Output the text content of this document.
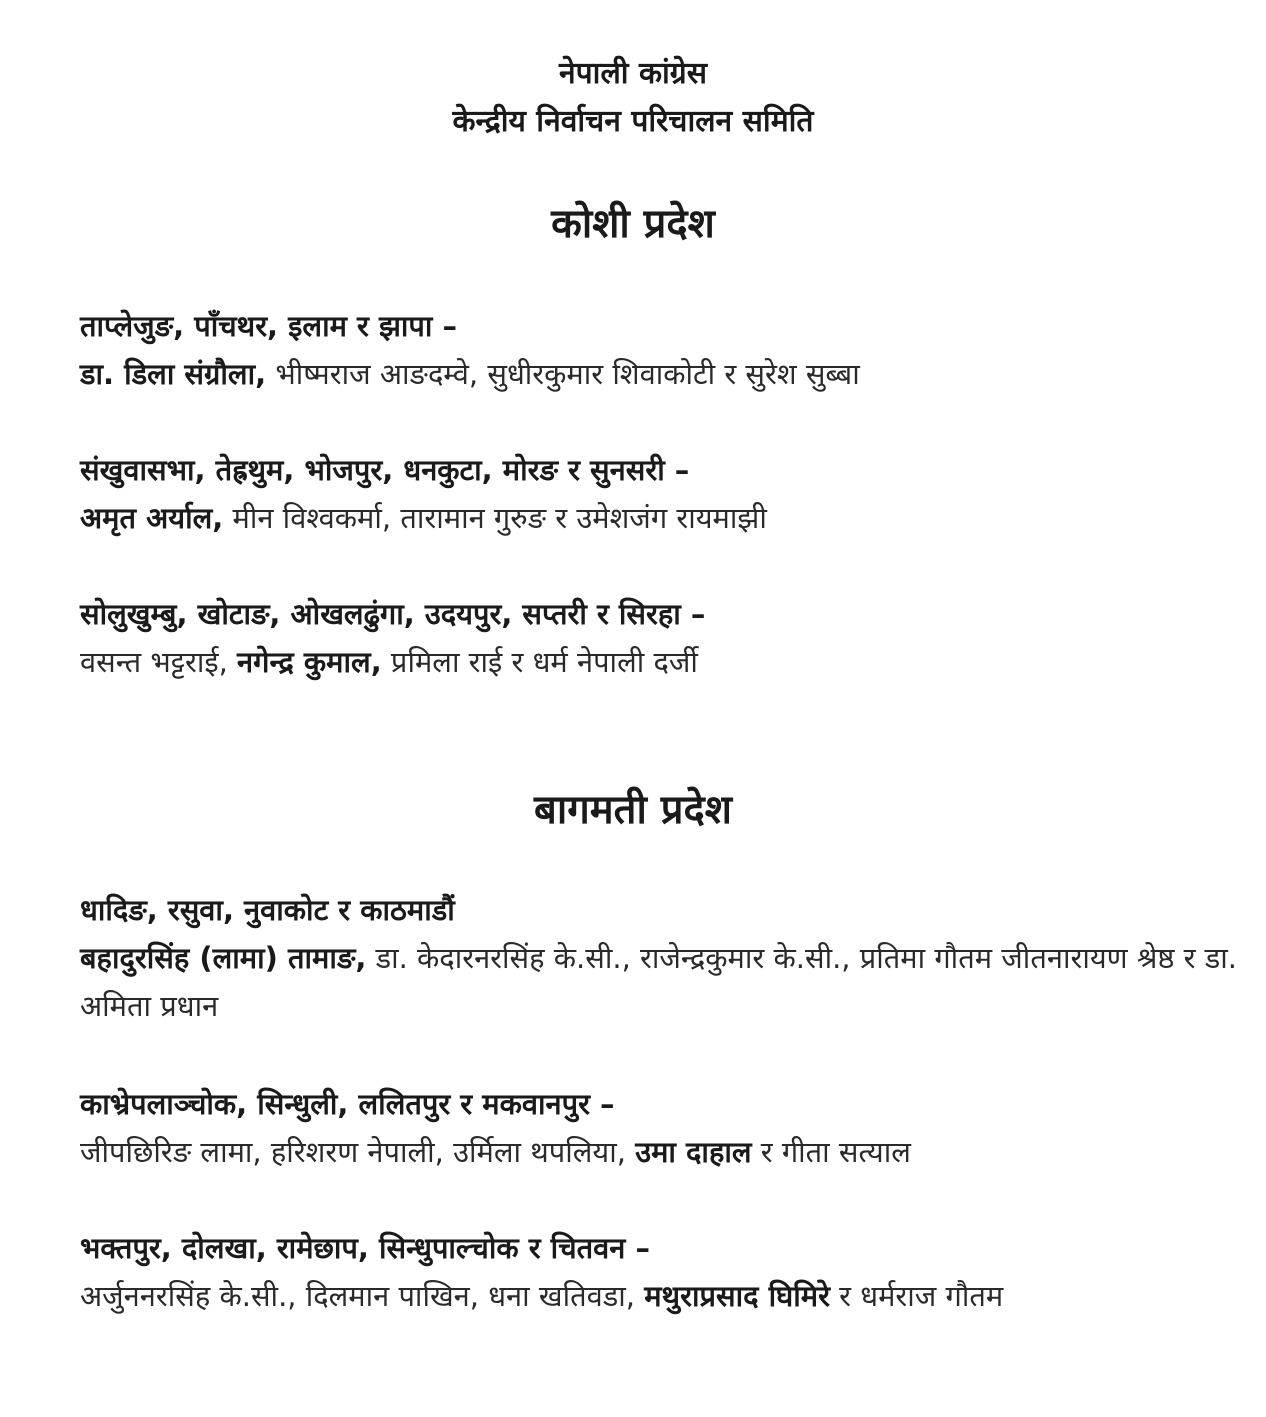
नेपाली कांग्रेस
केन्द्रीय निर्वाचन परिचालन समिति
कोशी प्रदेश
ताप्लेजुङ, पाँचथर, इलाम र झापा –
डा. डिला संग्रौला, भीष्मराज आङदम्वे, सुधीरकुमार शिवाकोटी र सुरेश सुब्बा
संखुवासभा, तेह्रथुम, भोजपुर, धनकुटा, मोरङ र सुनसरी –
अमृत अर्याल, मीन विश्वकर्मा, तारामान गुरुङ र उमेशजंग रायमाझी
सोलुखुम्बु, खोटाङ, ओखलढुंगा, उदयपुर, सप्तरी र सिरहा –
वसन्त भट्टराई, नगेन्द्र कुमाल, प्रमिला राई र धर्म नेपाली दर्जी
बागमती प्रदेश
धादिङ, रसुवा, नुवाकोट र काठमाडौं
बहादुरसिंह (लामा) तामाङ, डा. केदारनरसिंह के.सी., राजेन्द्रकुमार के.सी., प्रतिमा गौतम जीतनारायण श्रेष्ठ र डा. अमिता प्रधान
काभ्रेपलाञ्चोक, सिन्धुली, ललितपुर र मकवानपुर –
जीपछिरिङ लामा, हरिशरण नेपाली, उर्मिला थपलिया, उमा दाहाल र गीता सत्याल
भक्तपुर, दोलखा, रामेछाप, सिन्धुपाल्चोक र चितवन –
अर्जुननरसिंह के.सी., दिलमान पाखिन, धना खतिवडा, मथुराप्रसाद घिमिरे र धर्मराज गौतम
